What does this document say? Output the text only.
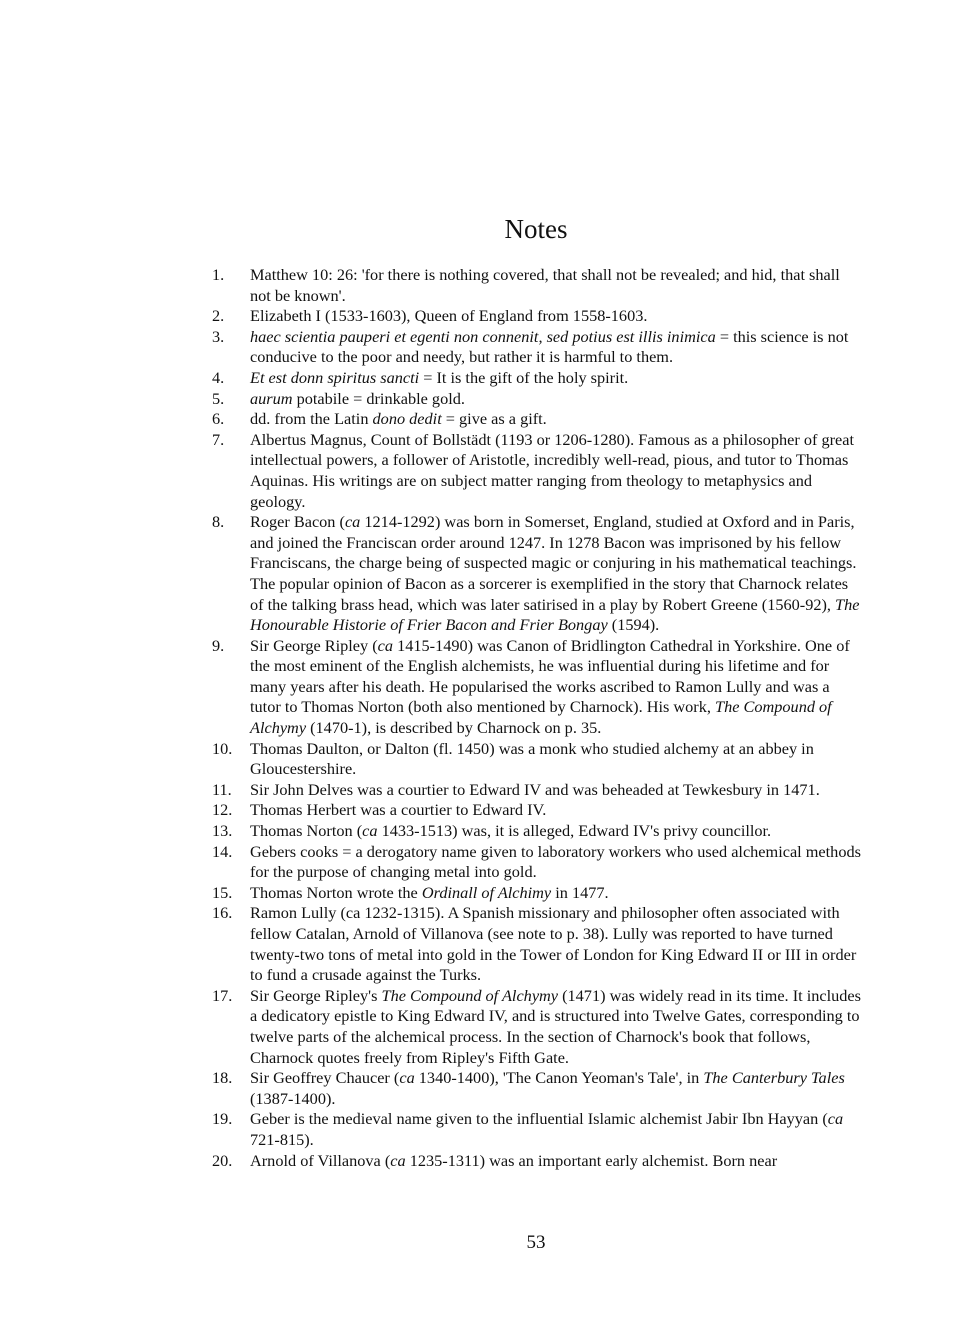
Notes
1.	Matthew 10: 26: 'for there is nothing covered, that shall not be revealed; and hid, that shall not be known'.
2.	Elizabeth I (1533-1603), Queen of England from 1558-1603.
3.	haec scientia pauperi et egenti non connenit, sed potius est illis inimica = this science is not conducive to the poor and needy, but rather it is harmful to them.
4.	Et est donn spiritus sancti = It is the gift of the holy spirit.
5.	aurum potabile = drinkable gold.
6.	dd. from the Latin dono dedit = give as a gift.
7.	Albertus Magnus, Count of Bollstädt (1193 or 1206-1280). Famous as a philosopher of great intellectual powers, a follower of Aristotle, incredibly well-read, pious, and tutor to Thomas Aquinas. His writings are on subject matter ranging from theology to metaphysics and geology.
8.	Roger Bacon (ca 1214-1292) was born in Somerset, England, studied at Oxford and in Paris, and joined the Franciscan order around 1247. In 1278 Bacon was imprisoned by his fellow Franciscans, the charge being of suspected magic or conjuring in his mathematical teachings. The popular opinion of Bacon as a sorcerer is exemplified in the story that Charnock relates of the talking brass head, which was later satirised in a play by Robert Greene (1560-92), The Honourable Historie of Frier Bacon and Frier Bongay (1594).
9.	Sir George Ripley (ca 1415-1490) was Canon of Bridlington Cathedral in Yorkshire. One of the most eminent of the English alchemists, he was influential during his lifetime and for many years after his death. He popularised the works ascribed to Ramon Lully and was a tutor to Thomas Norton (both also mentioned by Charnock). His work, The Compound of Alchymy (1470-1), is described by Charnock on p. 35.
10.	Thomas Daulton, or Dalton (fl. 1450) was a monk who studied alchemy at an abbey in Gloucestershire.
11.	Sir John Delves was a courtier to Edward IV and was beheaded at Tewkesbury in 1471.
12.	Thomas Herbert was a courtier to Edward IV.
13.	Thomas Norton (ca 1433-1513) was, it is alleged, Edward IV's privy councillor.
14.	Gebers cooks = a derogatory name given to laboratory workers who used alchemical methods for the purpose of changing metal into gold.
15.	Thomas Norton wrote the Ordinall of Alchimy in 1477.
16.	Ramon Lully (ca 1232-1315). A Spanish missionary and philosopher often associated with fellow Catalan, Arnold of Villanova (see note to p. 38). Lully was reported to have turned twenty-two tons of metal into gold in the Tower of London for King Edward II or III in order to fund a crusade against the Turks.
17.	Sir George Ripley's The Compound of Alchymy (1471) was widely read in its time. It includes a dedicatory epistle to King Edward IV, and is structured into Twelve Gates, corresponding to twelve parts of the alchemical process. In the section of Charnock's book that follows, Charnock quotes freely from Ripley's Fifth Gate.
18.	Sir Geoffrey Chaucer (ca 1340-1400), 'The Canon Yeoman's Tale', in The Canterbury Tales (1387-1400).
19.	Geber is the medieval name given to the influential Islamic alchemist Jabir Ibn Hayyan (ca 721-815).
20.	Arnold of Villanova (ca 1235-1311) was an important early alchemist. Born near
53
